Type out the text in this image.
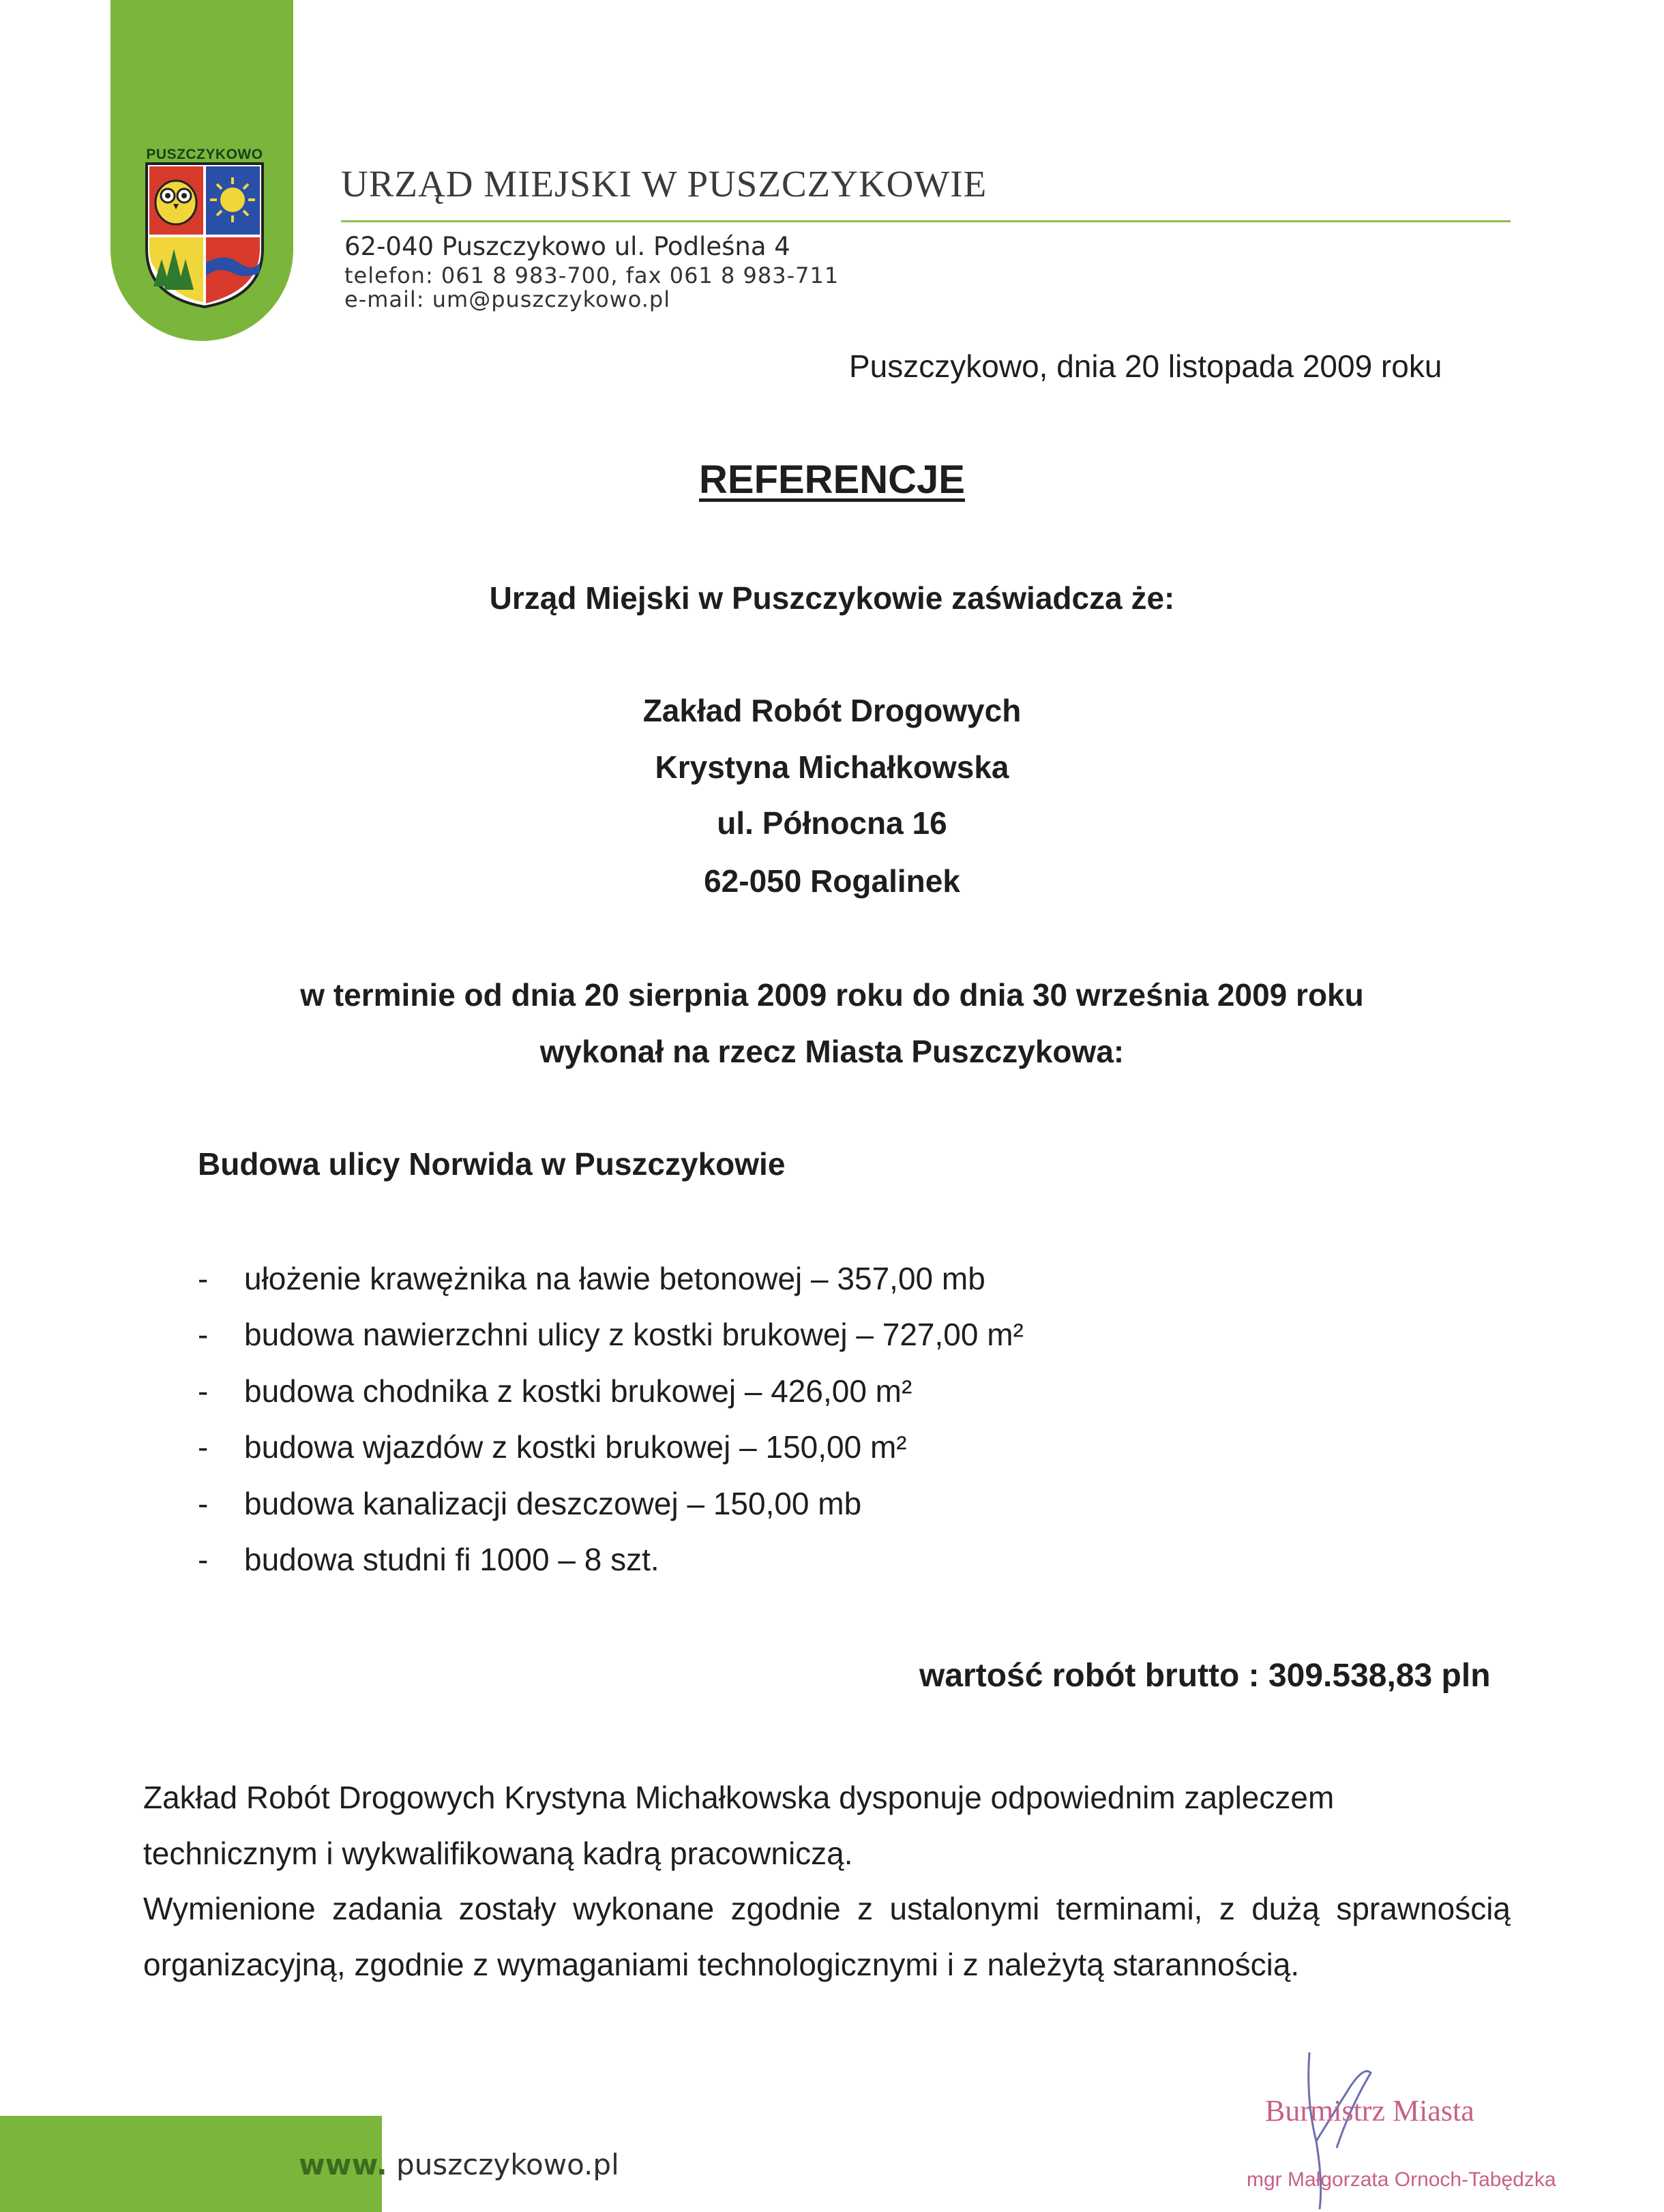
PUSZCZYKOWO
URZĄD MIEJSKI W PUSZCZYKOWIE
62-040 Puszczykowo ul. Podleśna 4
telefon: 061 8 983-700, fax 061 8 983-711
e-mail: um@puszczykowo.pl
Puszczykowo, dnia 20 listopada 2009 roku
REFERENCJE
Urząd Miejski w Puszczykowie zaświadcza że:
Zakład Robót Drogowych
Krystyna Michałkowska
ul. Północna 16
62-050 Rogalinek
w terminie od dnia 20 sierpnia 2009 roku do dnia 30 września 2009 roku
wykonał na rzecz Miasta Puszczykowa:
Budowa ulicy Norwida w Puszczykowie
- ułożenie krawężnika na ławie betonowej – 357,00 mb
- budowa nawierzchni ulicy z kostki brukowej – 727,00 m²
- budowa chodnika z kostki brukowej – 426,00 m²
- budowa wjazdów z kostki brukowej – 150,00 m²
- budowa kanalizacji deszczowej – 150,00 mb
- budowa studni fi 1000 – 8 szt.
wartość robót brutto : 309.538,83 pln
Zakład Robót Drogowych Krystyna Michałkowska dysponuje odpowiednim zapleczem technicznym i wykwalifikowaną kadrą pracowniczą.
Wymienione zadania zostały wykonane zgodnie z ustalonymi terminami, z dużą sprawnością organizacyjną, zgodnie z wymaganiami technologicznymi i z należytą starannością.
www. puszczykowo.pl
Burmistrz Miasta
mgr Małgorzata Ornoch-Tabędzka
